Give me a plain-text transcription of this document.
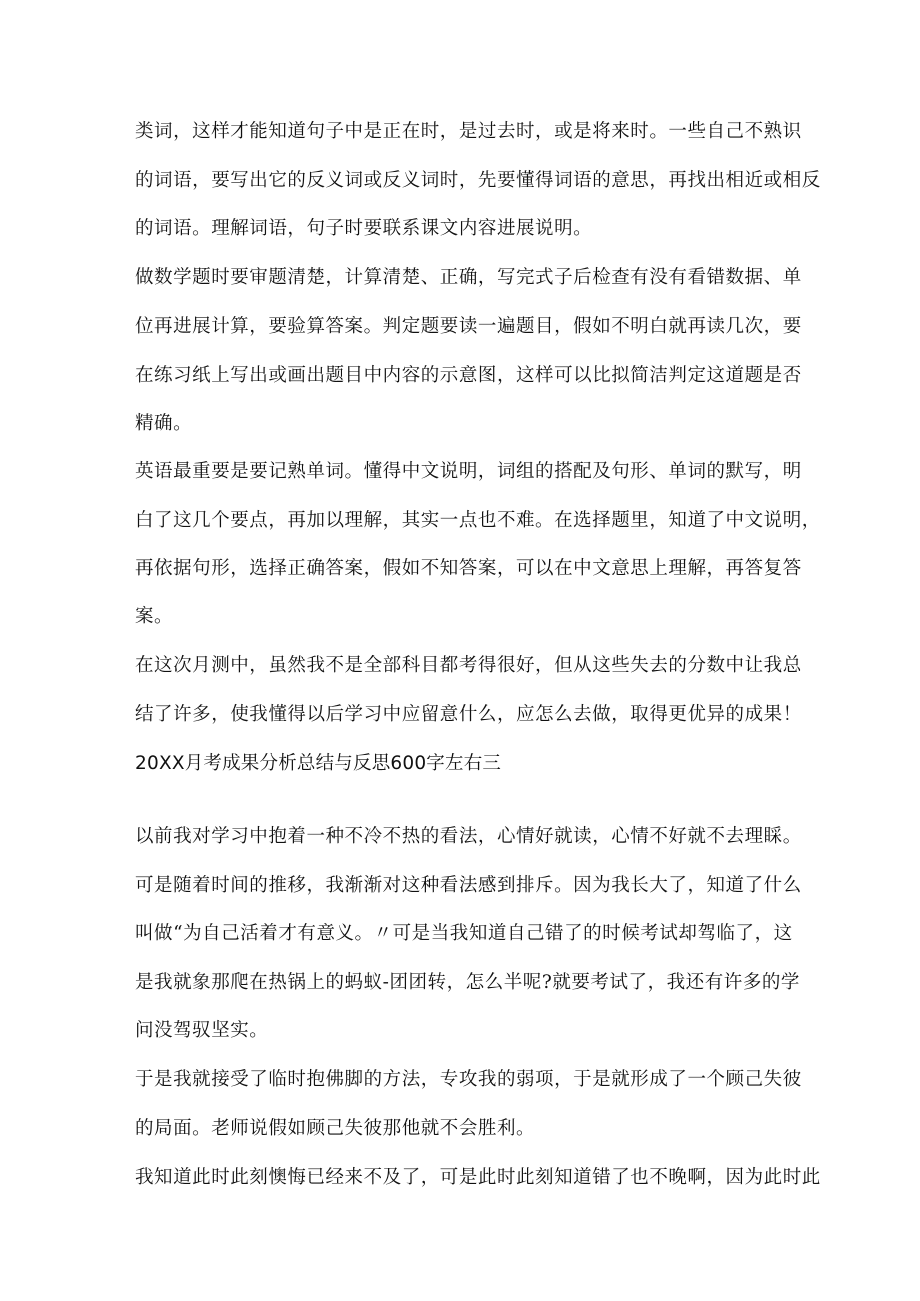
类词，这样才能知道句子中是正在时，是过去时，或是将来时。一些自己不熟识

的词语，要写出它的反义词或反义词时，先要懂得词语的意思，再找出相近或相反

的词语。理解词语，句子时要联系课文内容进展说明。

做数学题时要审题清楚，计算清楚、正确，写完式子后检查有没有看错数据、单

位再进展计算，要验算答案。判定题要读一遍题目，假如不明白就再读几次，要

在练习纸上写出或画出题目中内容的示意图，这样可以比拟简洁判定这道题是否

精确。

英语最重要是要记熟单词。懂得中文说明，词组的搭配及句形、单词的默写，明

白了这几个要点，再加以理解，其实一点也不难。在选择题里，知道了中文说明，

再依据句形，选择正确答案，假如不知答案，可以在中文意思上理解，再答复答

案。

在这次月测中，虽然我不是全部科目都考得很好，但从这些失去的分数中让我总

结了许多，使我懂得以后学习中应留意什么，应怎么去做，取得更优异的成果！

20XX月考成果分析总结与反思600字左右三

以前我对学习中抱着一种不冷不热的看法，心情好就读，心情不好就不去理睬。

可是随着时间的推移，我渐渐对这种看法感到排斥。因为我长大了，知道了什么

叫做“为自己活着才有意义。〃可是当我知道自己错了的时候考试却驾临了，这

是我就象那爬在热锅上的蚂蚁-团团转，怎么半呢?就要考试了，我还有许多的学

问没驾驭坚实。

于是我就接受了临时抱佛脚的方法，专攻我的弱项，于是就形成了一个顾己失彼

的局面。老师说假如顾己失彼那他就不会胜利。

我知道此时此刻懊悔已经来不及了，可是此时此刻知道错了也不晚啊，因为此时此
